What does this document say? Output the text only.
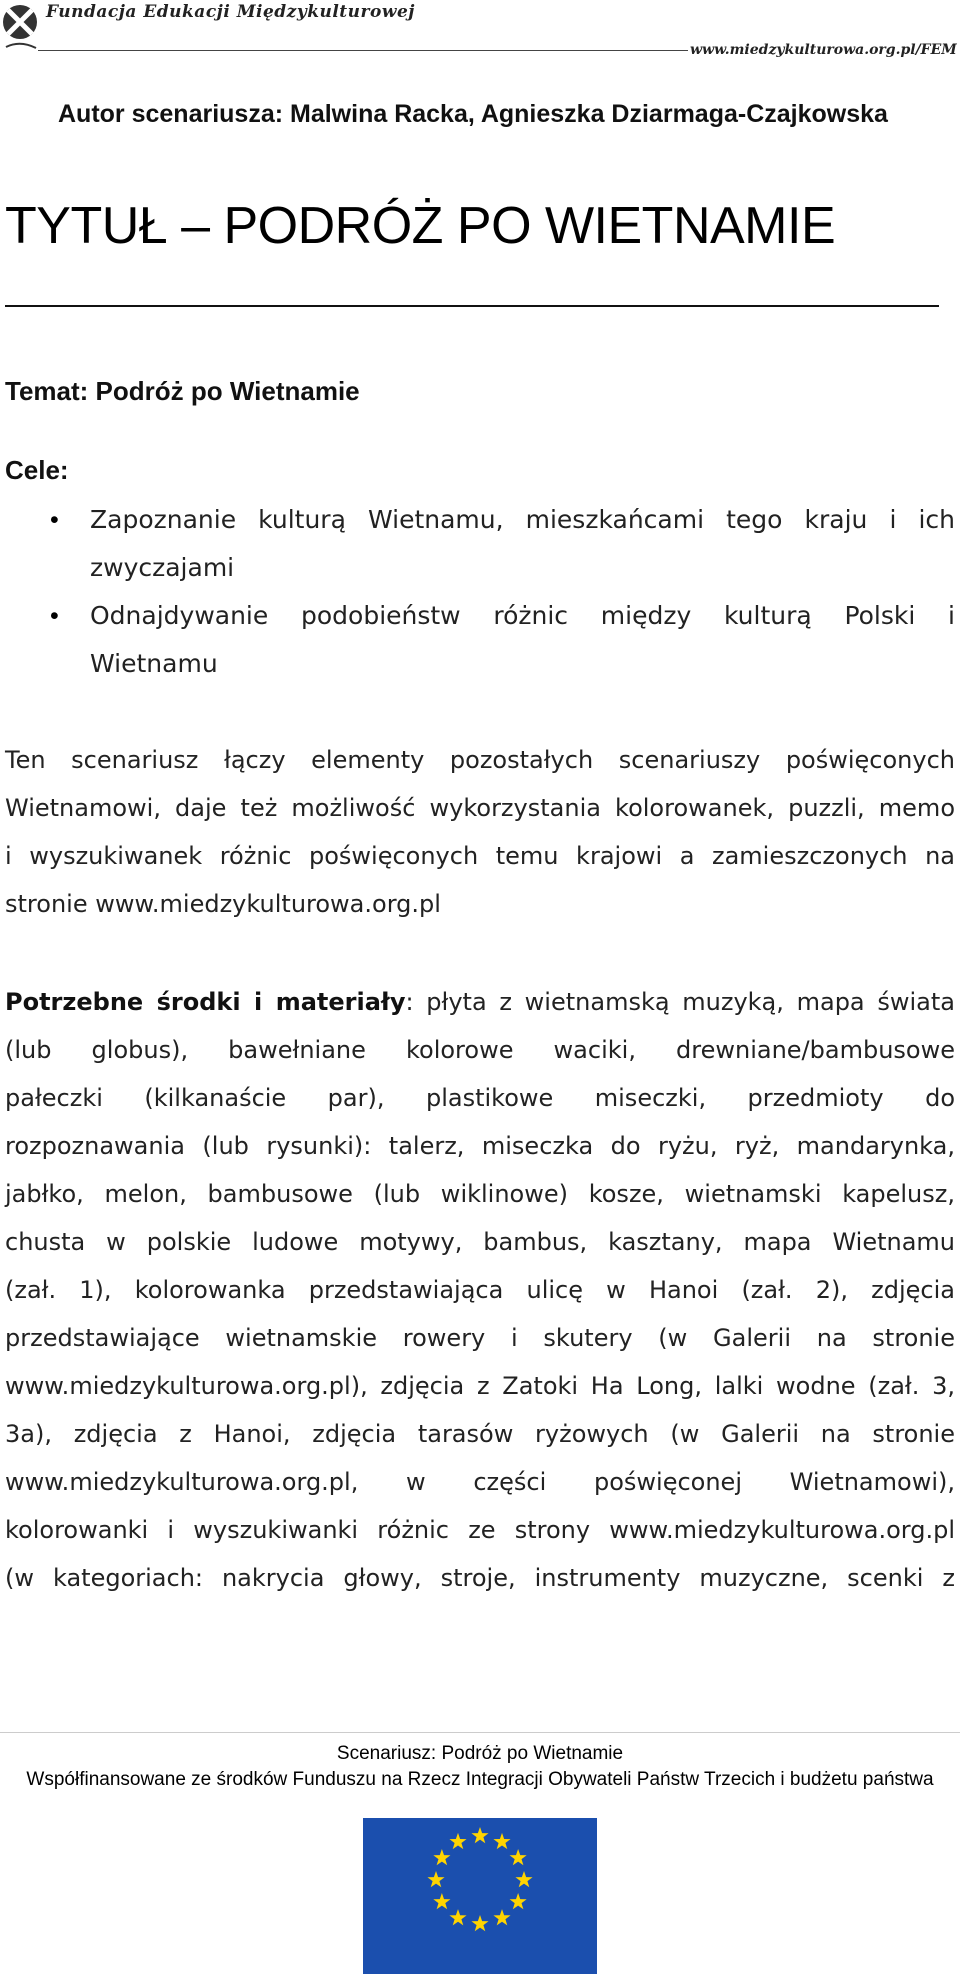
Fundacja Edukacji Międzykulturowej
www.miedzykulturowa.org.pl/FEM
Autor scenariusza: Malwina Racka, Agnieszka Dziarmaga-Czajkowska
TYTUŁ – PODRÓŻ PO WIETNAMIE
Temat: Podróż po Wietnamie
Cele:
• Zapoznanie kulturą Wietnamu, mieszkańcami tego kraju i ich
zwyczajami
• Odnajdywanie podobieństw różnic między kulturą Polski i
Wietnamu
Ten scenariusz łączy elementy pozostałych scenariuszy poświęconych
Wietnamowi, daje też możliwość wykorzystania kolorowanek, puzzli, memo
i wyszukiwanek różnic poświęconych temu krajowi a zamieszczonych na
stronie www.miedzykulturowa.org.pl
Potrzebne środki i materiały: płyta z wietnamską muzyką, mapa świata
(lub globus), bawełniane kolorowe waciki, drewniane/bambusowe
pałeczki (kilkanaście par), plastikowe miseczki, przedmioty do
rozpoznawania (lub rysunki): talerz, miseczka do ryżu, ryż, mandarynka,
jabłko, melon, bambusowe (lub wiklinowe) kosze, wietnamski kapelusz,
chusta w polskie ludowe motywy, bambus, kasztany, mapa Wietnamu
(zał. 1), kolorowanka przedstawiająca ulicę w Hanoi (zał. 2), zdjęcia
przedstawiające wietnamskie rowery i skutery (w Galerii na stronie
www.miedzykulturowa.org.pl), zdjęcia z Zatoki Ha Long, lalki wodne (zał. 3,
3a), zdjęcia z Hanoi, zdjęcia tarasów ryżowych (w Galerii na stronie
www.miedzykulturowa.org.pl, w części poświęconej Wietnamowi),
kolorowanki i wyszukiwanki różnic ze strony www.miedzykulturowa.org.pl
(w kategoriach: nakrycia głowy, stroje, instrumenty muzyczne, scenki z
Scenariusz: Podróż po Wietnamie
Współfinansowane ze środków Funduszu na Rzecz Integracji Obywateli Państw Trzecich i budżetu państwa
